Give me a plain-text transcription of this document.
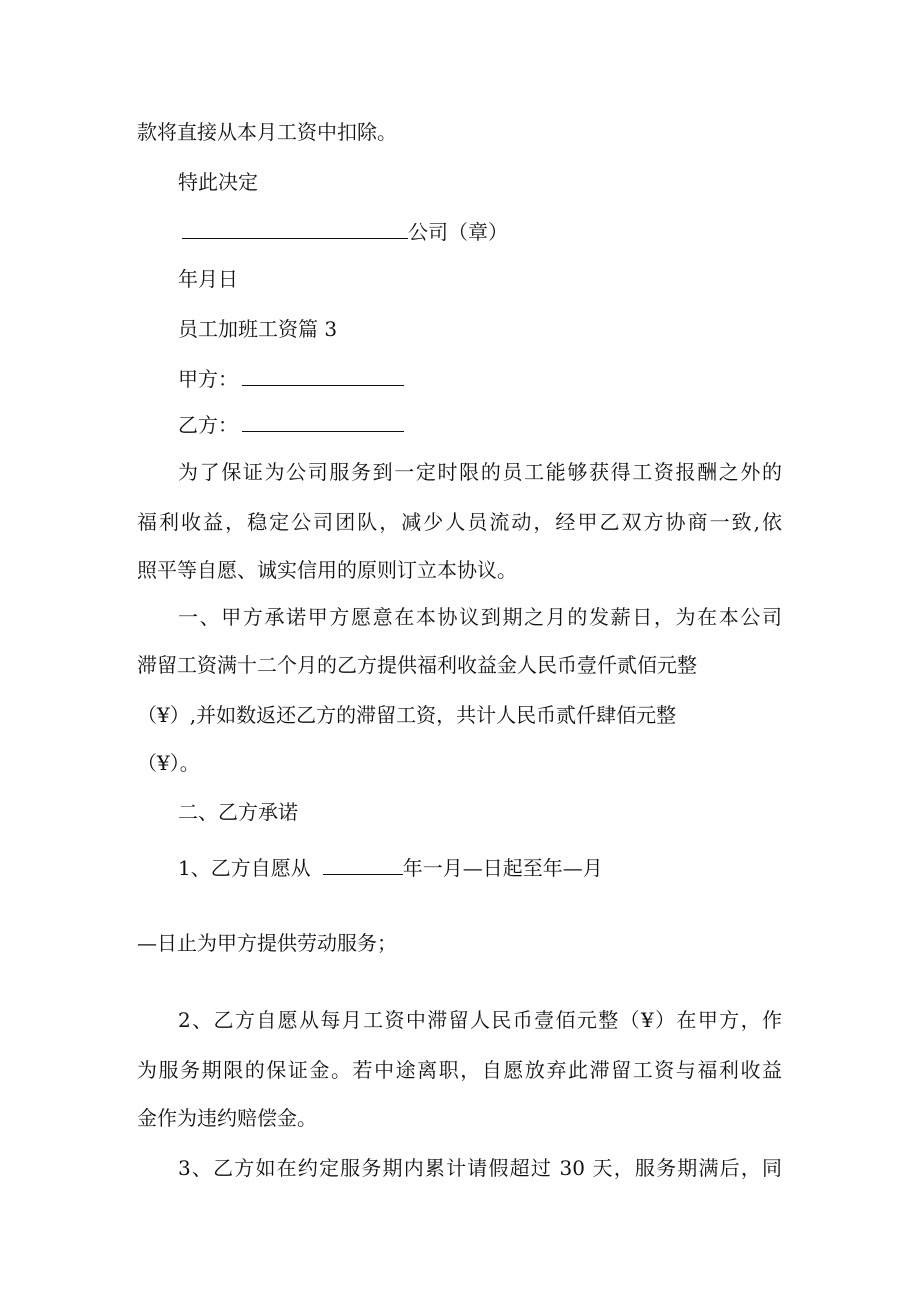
款将直接从本月工资中扣除。
特此决定
公司（章）
年月日
员工加班工资篇 3
甲方：
乙方：
为了保证为公司服务到一定时限的员工能够获得工资报酬之外的
福利收益，稳定公司团队，减少人员流动，经甲乙双方协商一致,依
照平等自愿、诚实信用的原则订立本协议。
一、甲方承诺甲方愿意在本协议到期之月的发薪日，为在本公司
滞留工资满十二个月的乙方提供福利收益金人民币壹仟贰佰元整
（¥）,并如数返还乙方的滞留工资，共计人民币贰仟肆佰元整
（¥）。
二、乙方承诺
1、乙方自愿从	年一月—日起至年—月
—日止为甲方提供劳动服务；
2、乙方自愿从每月工资中滞留人民币壹佰元整（¥）在甲方，作
为服务期限的保证金。若中途离职，自愿放弃此滞留工资与福利收益
金作为违约赔偿金。
3、乙方如在约定服务期内累计请假超过 30 天，服务期满后，同
